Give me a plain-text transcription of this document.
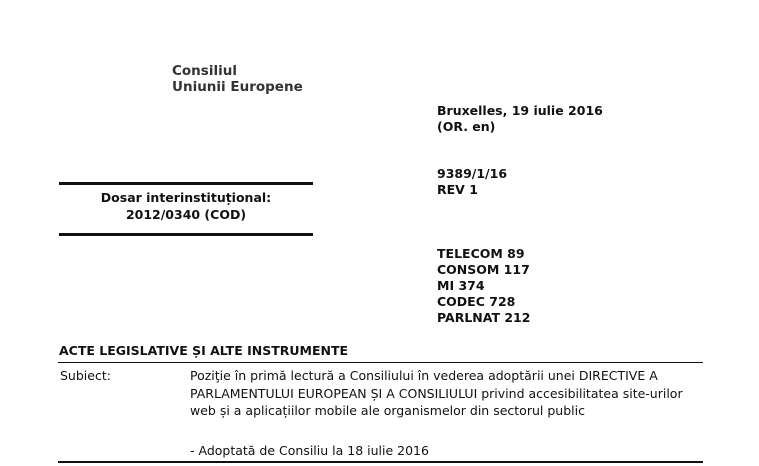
Consiliul
Uniunii Europene
Bruxelles, 19 iulie 2016
(OR. en)
9389/1/16
REV 1
TELECOM 89
CONSOM 117
MI 374
CODEC 728
PARLNAT 212
Dosar interinstituțional:
2012/0340 (COD)
ACTE LEGISLATIVE ȘI ALTE INSTRUMENTE
Subiect:	Poziţie în primă lectură a Consiliului în vederea adoptării unei DIRECTIVE A PARLAMENTULUI EUROPEAN ȘI A CONSILIULUI privind accesibilitatea site-urilor web și a aplicațiilor mobile ale organismelor din sectorul public
- Adoptată de Consiliu la 18 iulie 2016
